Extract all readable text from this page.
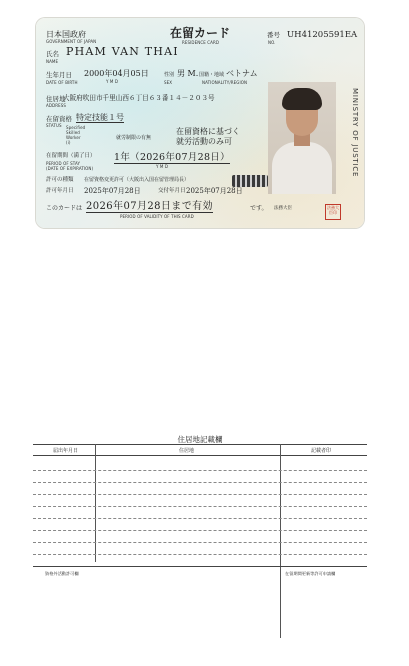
日本国政府
GOVERNMENT OF JAPAN
在留カード
RESIDENCE CARD
番号
NO.
UH41205591EA
氏名
NAME
PHAM VAN THAI
生年月日
DATE OF BIRTH
2000年04月05日
Y M D
性別
SEX
男 M. 国籍・地域
NATIONALITY/REGION
ベトナム
住居地
ADDRESS
大阪府吹田市千里山西６丁目６３番１４－２０３号
在留資格
STATUS
特定技能１号
Specified
Skilled
Worker
(i)
就労制限の有無
在留資格に基づく
就労活動のみ可
在留期間（満了日）
PERIOD OF STAY
(DATE OF EXPIRATION)
1年（2026年07月28日）
Y M D
許可の種類 在留資格変更許可（大阪出入国在留管理局長）
許可年月日 2025年07月28日	交付年月日 2025年07月28日
このカードは 2026年07月28日まで有効	です。
PERIOD OF VALIDITY OF THIS CARD
法務大臣	法務大臣印
MINISTRY OF JUSTICE
住居地記載欄
届出年月日	住居地	記載者印
資格外活動許可欄	在留期間更新等許可申請欄
